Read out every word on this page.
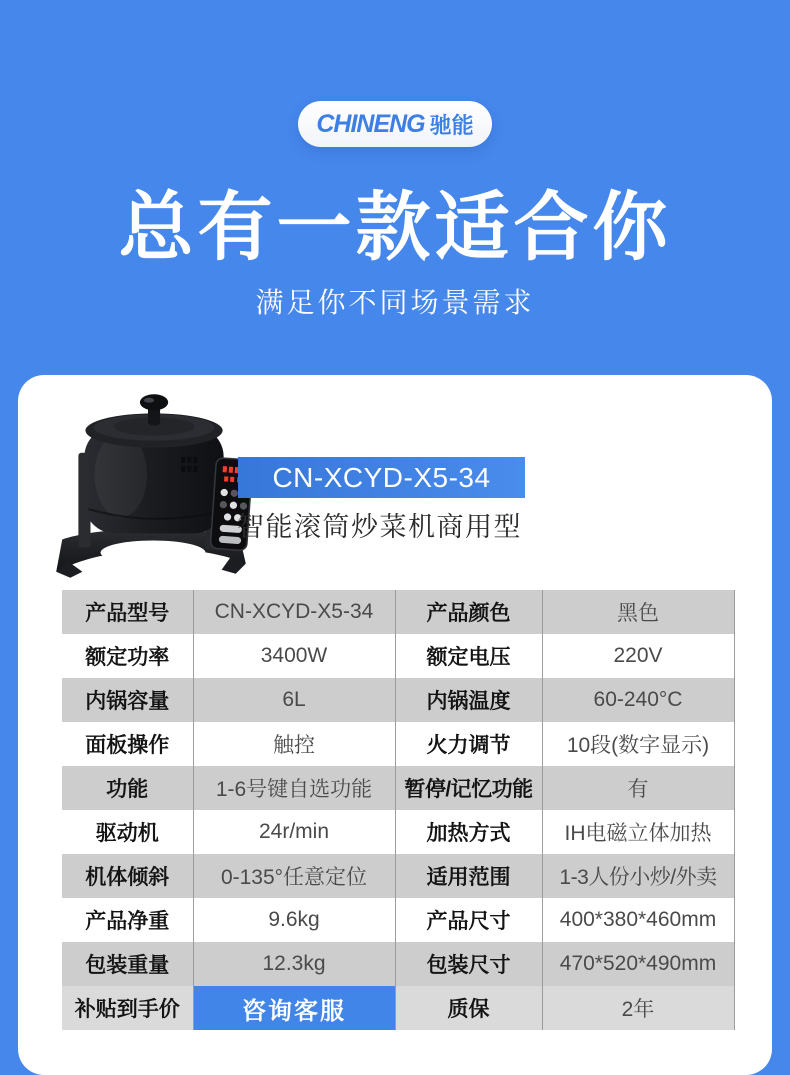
CHINENG 驰能
总有一款适合你
满足你不同场景需求
CN-XCYD-X5-34
智能滚筒炒菜机商用型
产品型号	CN-XCYD-X5-34	产品颜色	黑色
额定功率	3400W	额定电压	220V
内锅容量	6L	内锅温度	60-240°C
面板操作	触控	火力调节	10段(数字显示)
功能	1-6号键自选功能	暂停/记忆功能	有
驱动机	24r/min	加热方式	IH电磁立体加热
机体倾斜	0-135°任意定位	适用范围	1-3人份小炒/外卖
产品净重	9.6kg	产品尺寸	400*380*460mm
包装重量	12.3kg	包装尺寸	470*520*490mm
补贴到手价	咨询客服	质保	2年
